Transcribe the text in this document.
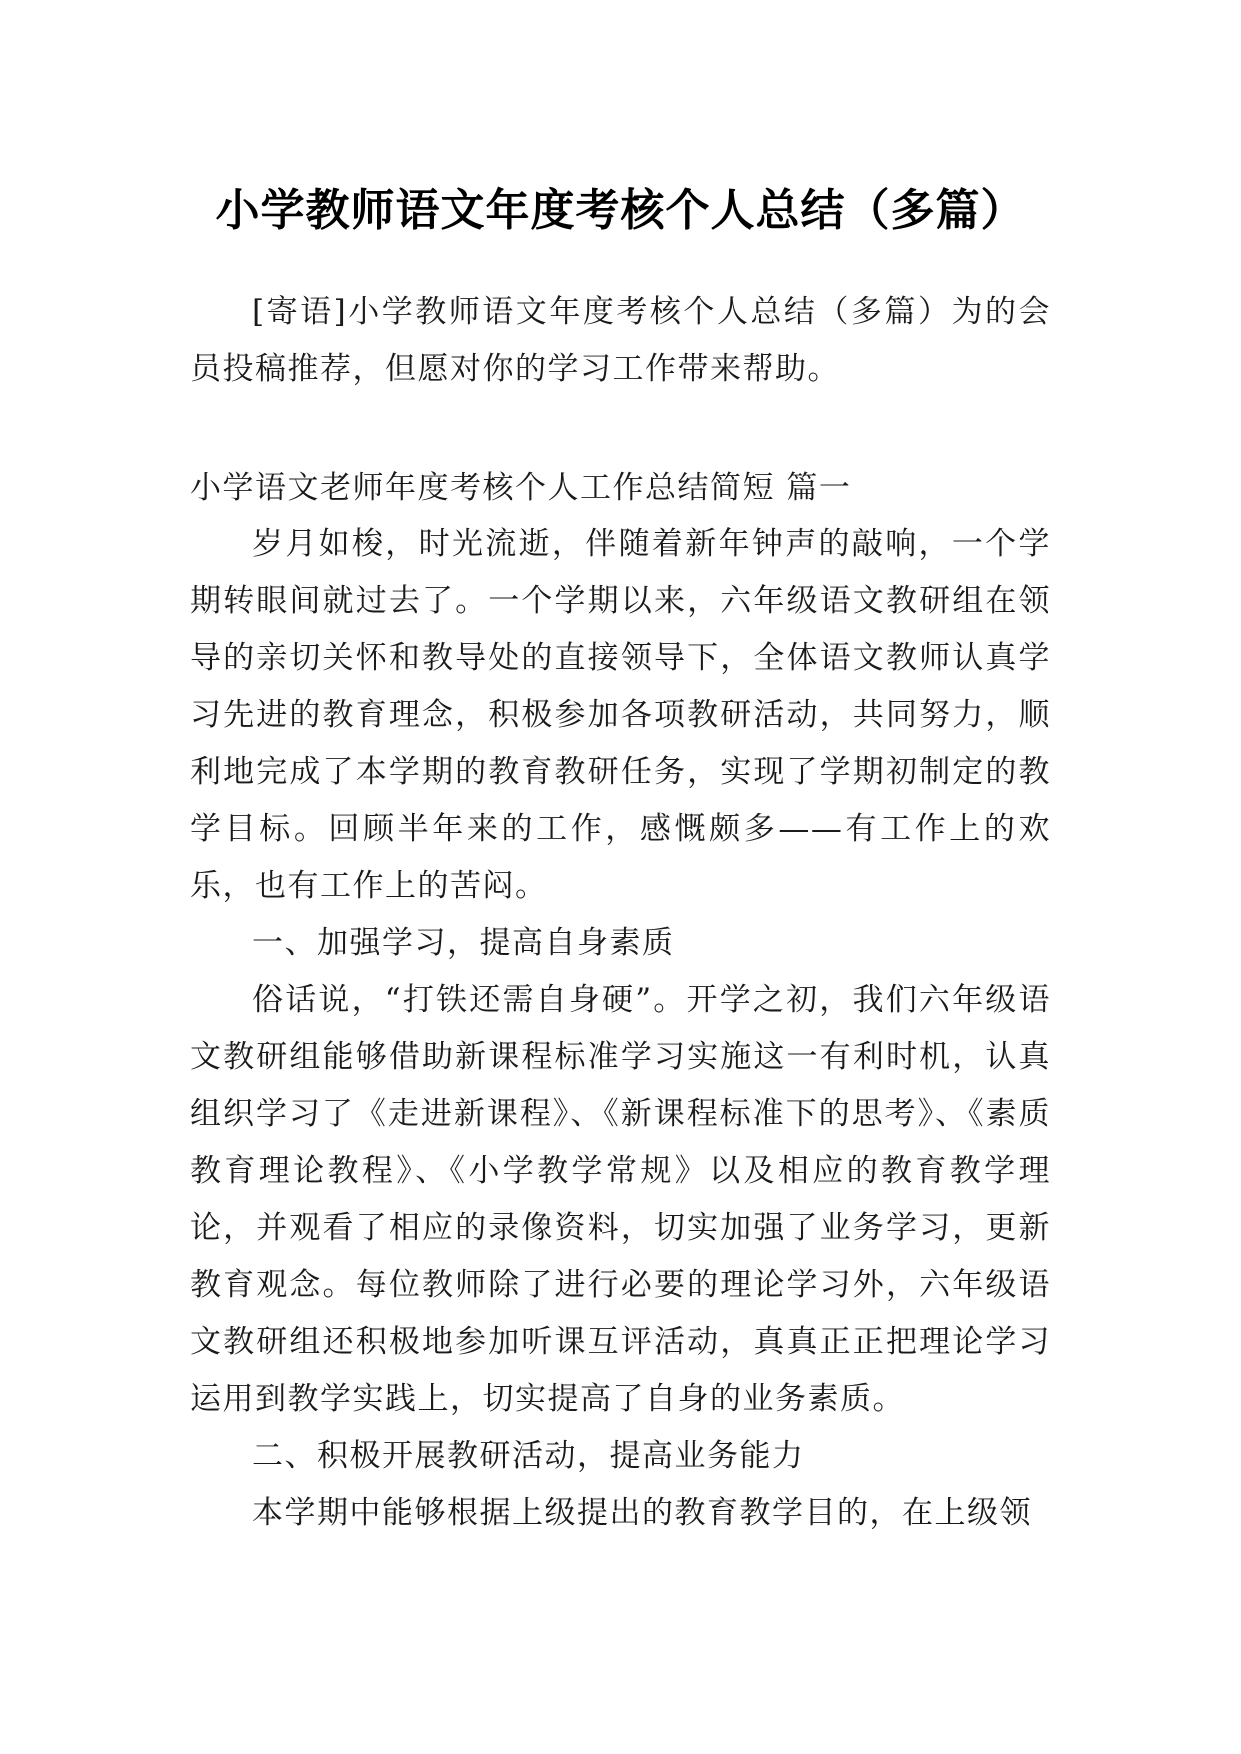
小学教师语文年度考核个人总结（多篇）

[寄语]小学教师语文年度考核个人总结（多篇）为的会员投稿推荐，但愿对你的学习工作带来帮助。

小学语文老师年度考核个人工作总结简短 篇一

岁月如梭，时光流逝，伴随着新年钟声的敲响，一个学期转眼间就过去了。一个学期以来，六年级语文教研组在领导的亲切关怀和教导处的直接领导下，全体语文教师认真学习先进的教育理念，积极参加各项教研活动，共同努力，顺利地完成了本学期的教育教研任务，实现了学期初制定的教学目标。回顾半年来的工作，感慨颇多——有工作上的欢乐，也有工作上的苦闷。

一、加强学习，提高自身素质

俗话说，“打铁还需自身硬”。开学之初，我们六年级语文教研组能够借助新课程标准学习实施这一有利时机，认真组织学习了《走进新课程》、《新课程标准下的思考》、《素质教育理论教程》、《小学教学常规》以及相应的教育教学理论，并观看了相应的录像资料，切实加强了业务学习，更新教育观念。每位教师除了进行必要的理论学习外，六年级语文教研组还积极地参加听课互评活动，真真正正把理论学习运用到教学实践上，切实提高了自身的业务素质。

二、积极开展教研活动，提高业务能力

本学期中能够根据上级提出的教育教学目的，在上级领
